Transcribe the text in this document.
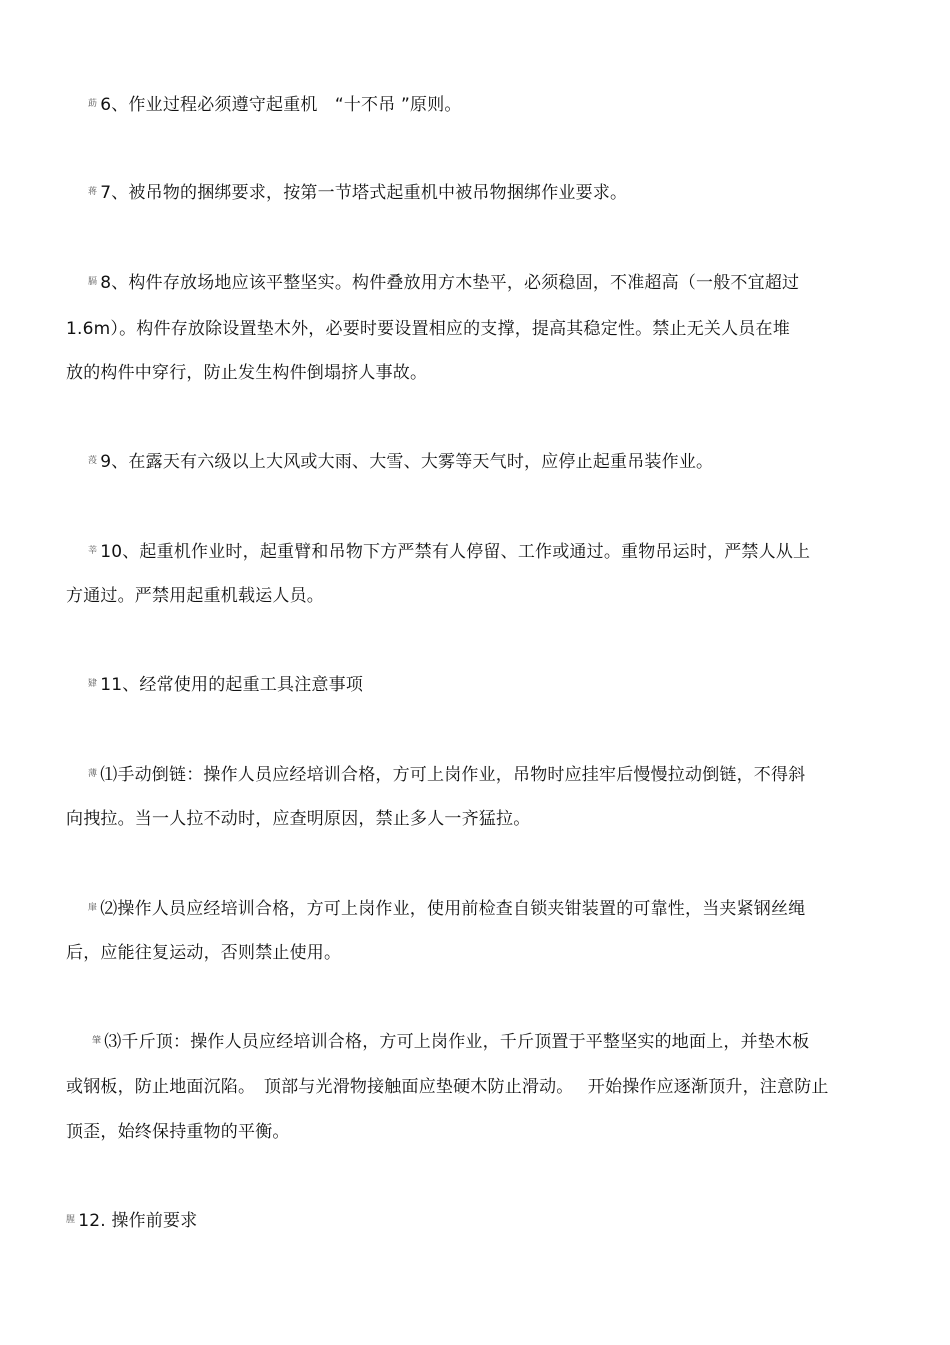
莇 6、作业过程必须遵守起重机　“十不吊 ”原则。
蒋 7、被吊物的捆绑要求，按第一节塔式起重机中被吊物捆绑作业要求。
膈 8、构件存放场地应该平整坚实。构件叠放用方木垫平，必须稳固，不准超高（一般不宜超过
1.6m）。构件存放除设置垫木外，必要时要设置相应的支撑，提高其稳定性。禁止无关人员在堆
放的构件中穿行，防止发生构件倒塌挤人事故。
莈 9、在露天有六级以上大风或大雨、大雪、大雾等天气时，应停止起重吊装作业。
莘 10、起重机作业时，起重臂和吊物下方严禁有人停留、工作或通过。重物吊运时，严禁人从上
方通过。严禁用起重机载运人员。
肄 11、经常使用的起重工具注意事项
薄 ⑴手动倒链：操作人员应经培训合格，方可上岗作业，吊物时应挂牢后慢慢拉动倒链，不得斜
向拽拉。当一人拉不动时，应查明原因，禁止多人一齐猛拉。
肁 ⑵操作人员应经培训合格，方可上岗作业，使用前检查自锁夹钳装置的可靠性，当夹紧钢丝绳
后，应能往复运动，否则禁止使用。
肇 ⑶千斤顶：操作人员应经培训合格，方可上岗作业，千斤顶置于平整坚实的地面上，并垫木板
或钢板，防止地面沉陷。　顶部与光滑物接触面应垫硬木防止滑动。　 开始操作应逐渐顶升，注意防止
顶歪，始终保持重物的平衡。
腥 12. 操作前要求
